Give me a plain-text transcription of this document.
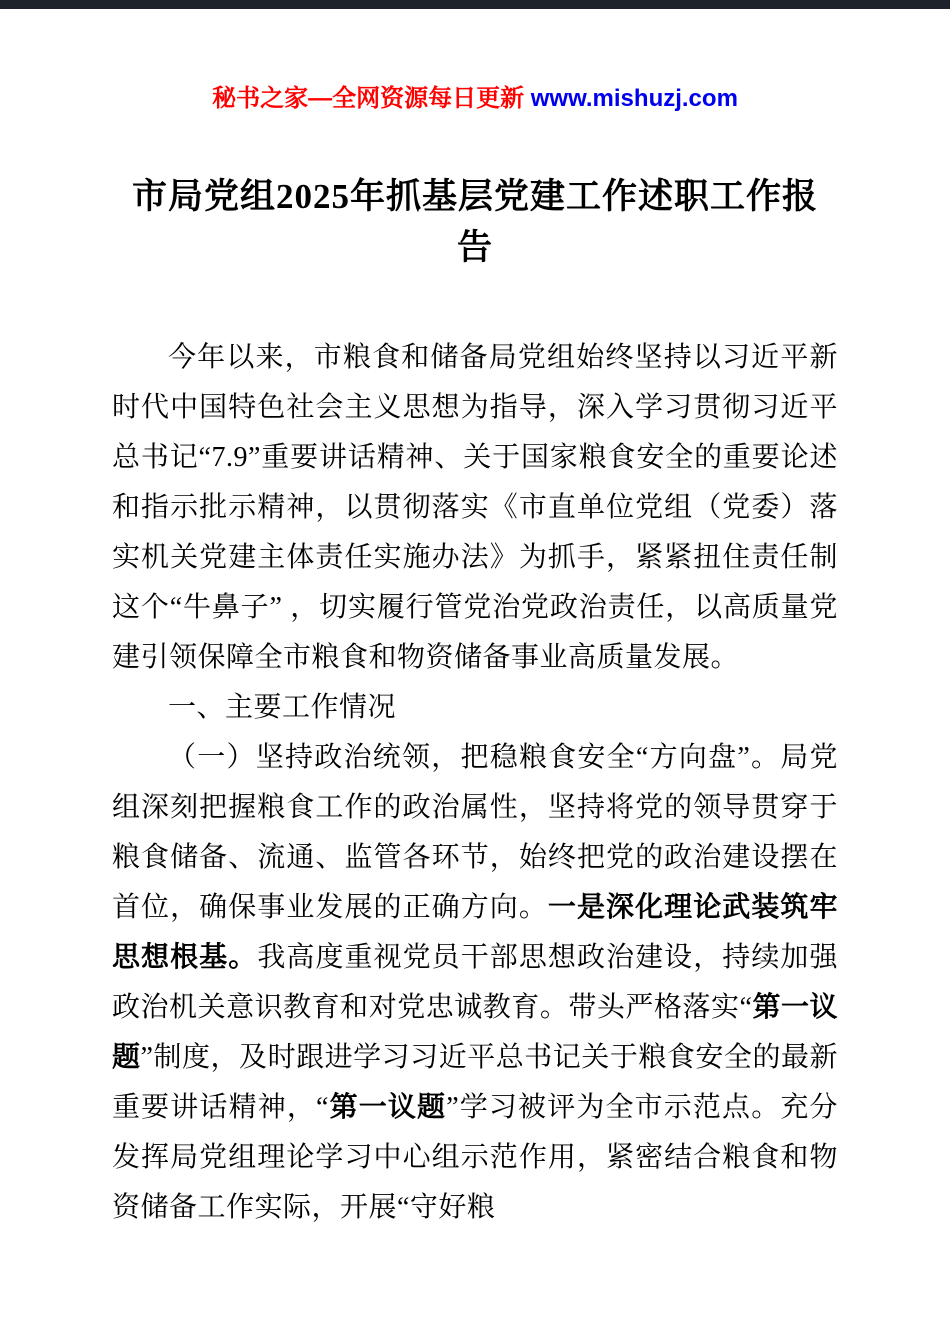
秘书之家—全网资源每日更新 www.mishuzj.com
市局党组2025年抓基层党建工作述职工作报告

今年以来，市粮食和储备局党组始终坚持以习近平新时代中国特色社会主义思想为指导，深入学习贯彻习近平总书记“7.9”重要讲话精神、关于国家粮食安全的重要论述和指示批示精神，以贯彻落实《市直单位党组（党委）落实机关党建主体责任实施办法》为抓手，紧紧扭住责任制这个“牛鼻子” ，切实履行管党治党政治责任，以高质量党建引领保障全市粮食和物资储备事业高质量发展。

一、主要工作情况

（一）坚持政治统领，把稳粮食安全“方向盘”。局党组深刻把握粮食工作的政治属性，坚持将党的领导贯穿于粮食储备、流通、监管各环节，始终把党的政治建设摆在首位，确保事业发展的正确方向。一是深化理论武装筑牢思想根基。我高度重视党员干部思想政治建设，持续加强政治机关意识教育和对党忠诚教育。带头严格落实“第一议题”制度，及时跟进学习习近平总书记关于粮食安全的最新重要讲话精神，“第一议题”学习被评为全市示范点。充分发挥局党组理论学习中心组示范作用，紧密结合粮食和物资储备工作实际，开展“守好粮
